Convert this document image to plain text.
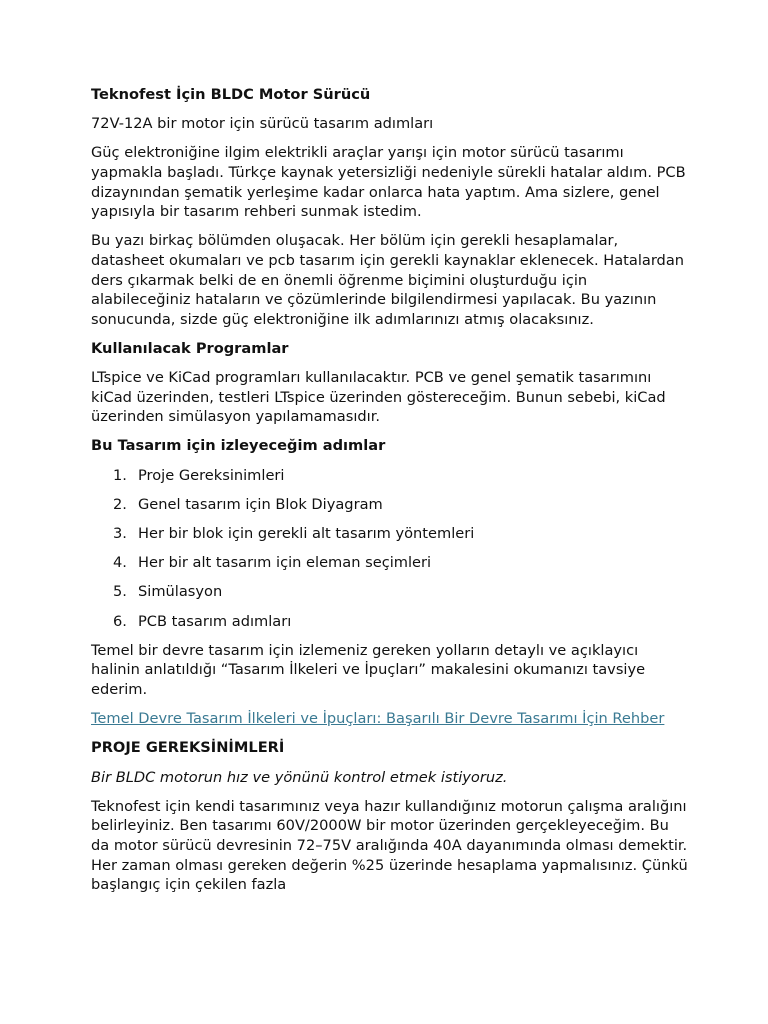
Teknofest İçin BLDC Motor Sürücü
72V-12A bir motor için sürücü tasarım adımları
Güç elektroniğine ilgim elektrikli araçlar yarışı için motor sürücü tasarımı yapmakla başladı. Türkçe kaynak yetersizliği nedeniyle sürekli hatalar aldım. PCB dizaynından şematik yerleşime kadar onlarca hata yaptım. Ama sizlere, genel yapısıyla bir tasarım rehberi sunmak istedim.
Bu yazı birkaç bölümden oluşacak. Her bölüm için gerekli hesaplamalar, datasheet okumaları ve pcb tasarım için gerekli kaynaklar eklenecek. Hatalardan ders çıkarmak belki de en önemli öğrenme biçimini oluşturduğu için alabileceğiniz hataların ve çözümlerinde bilgilendirmesi yapılacak. Bu yazının sonucunda, sizde güç elektroniğine ilk adımlarınızı atmış olacaksınız.
Kullanılacak Programlar
LTspice ve KiCad programları kullanılacaktır. PCB ve genel şematik tasarımını kiCad üzerinden, testleri LTspice üzerinden göstereceğim. Bunun sebebi, kiCad üzerinden simülasyon yapılamamasıdır.
Bu Tasarım için izleyeceğim adımlar
1. Proje Gereksinimleri
2. Genel tasarım için Blok Diyagram
3. Her bir blok için gerekli alt tasarım yöntemleri
4. Her bir alt tasarım için eleman seçimleri
5. Simülasyon
6. PCB tasarım adımları
Temel bir devre tasarım için izlemeniz gereken yolların detaylı ve açıklayıcı halinin anlatıldığı “Tasarım İlkeleri ve İpuçları” makalesini okumanızı tavsiye ederim.
Temel Devre Tasarım İlkeleri ve İpuçları: Başarılı Bir Devre Tasarımı İçin Rehber
PROJE GEREKSİNİMLERİ
Bir BLDC motorun hız ve yönünü kontrol etmek istiyoruz.
Teknofest için kendi tasarımınız veya hazır kullandığınız motorun çalışma aralığını belirleyiniz. Ben tasarımı 60V/2000W bir motor üzerinden gerçekleyeceğim. Bu da motor sürücü devresinin 72–75V aralığında 40A dayanımında olması demektir. Her zaman olması gereken değerin %25 üzerinde hesaplama yapmalısınız. Çünkü başlangıç için çekilen fazla
